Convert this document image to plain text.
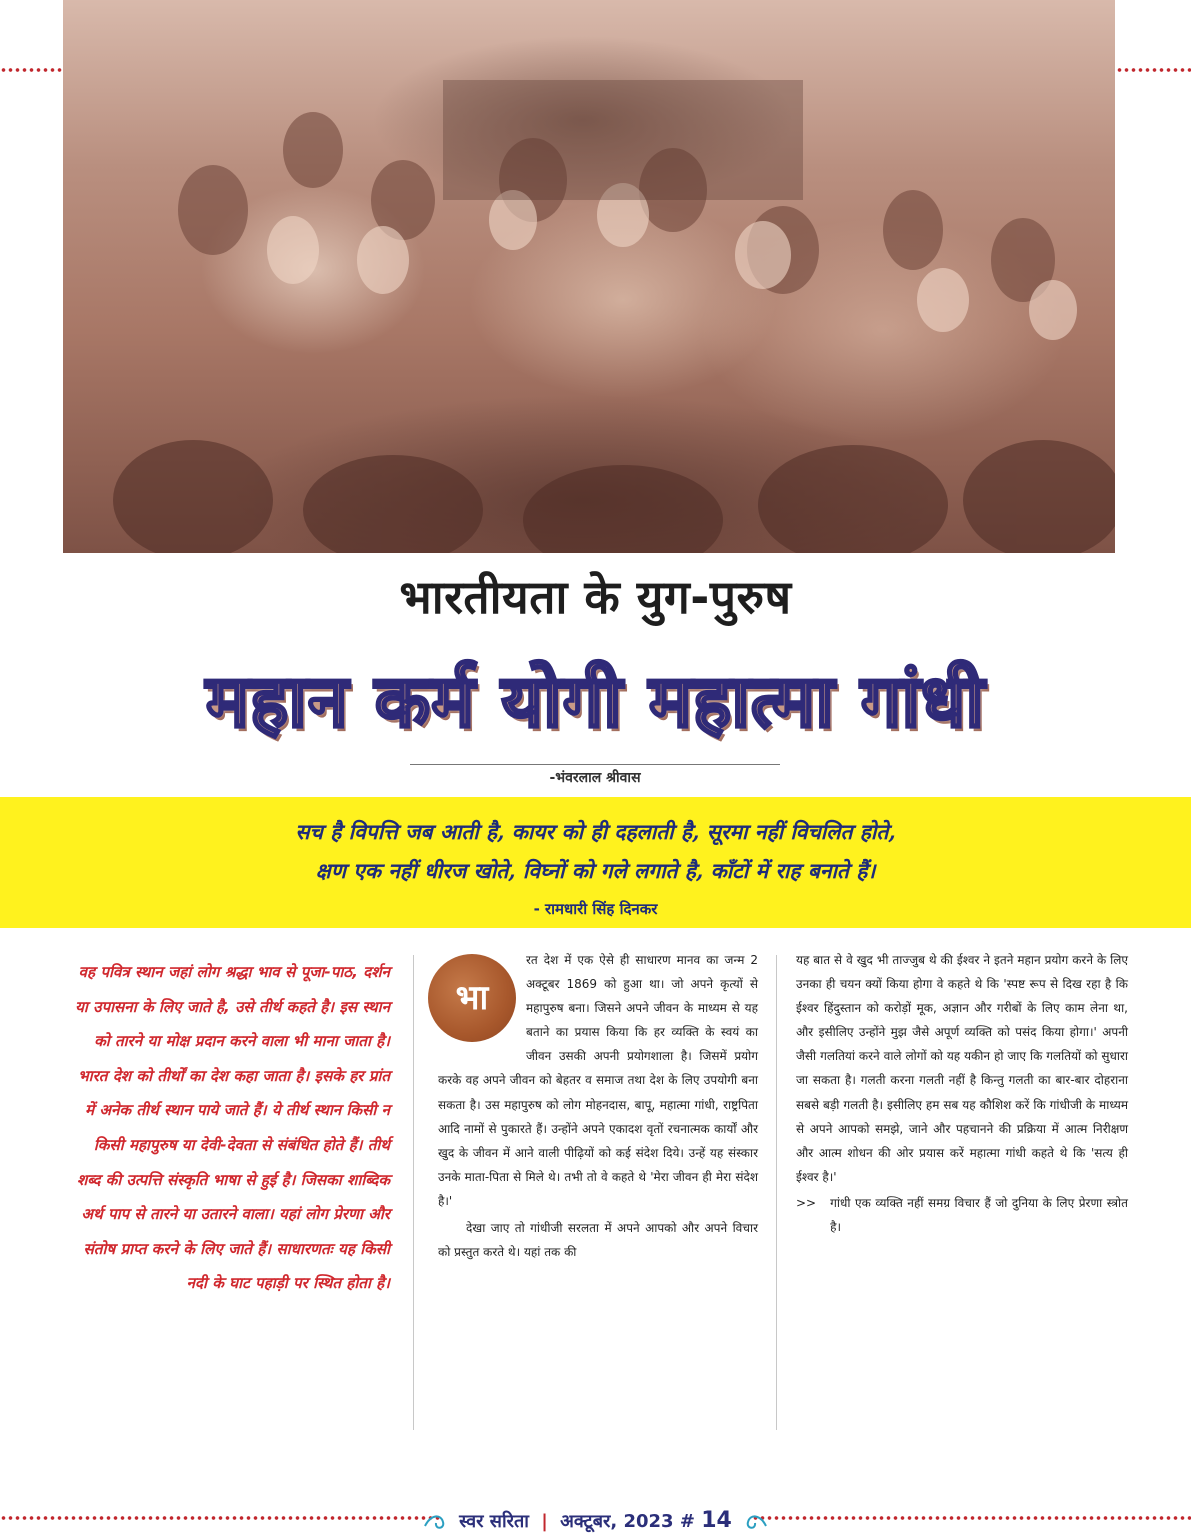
भारतीयता के युग-पुरुष
महान कर्म योगी महात्मा गांधी
-भंवरलाल श्रीवास
सच है विपत्ति जब आती है, कायर को ही दहलाती है, सूरमा नहीं विचलित होते,
क्षण एक नहीं धीरज खोते, विघ्नों को गले लगाते है, काँटों में राह बनाते हैं।
- रामधारी सिंह दिनकर
वह पवित्र स्थान जहां लोग श्रद्धा भाव से पूजा-पाठ, दर्शन या उपासना के लिए जाते है, उसे तीर्थ कहते है। इस स्थान को तारने या मोक्ष प्रदान करने वाला भी माना जाता है। भारत देश को तीर्थों का देश कहा जाता है। इसके हर प्रांत में अनेक तीर्थ स्थान पाये जाते हैं। ये तीर्थ स्थान किसी न किसी महापुरुष या देवी-देवता से संबंधित होते हैं। तीर्थ शब्द की उत्पत्ति संस्कृति भाषा से हुई है। जिसका शाब्दिक अर्थ पाप से तारने या उतारने वाला। यहां लोग प्रेरणा और संतोष प्राप्त करने के लिए जाते हैं। साधारणतः यह किसी नदी के घाट पहाड़ी पर स्थित होता है।
भा

रत देश में एक ऐसे ही साधारण मानव का जन्म 2 अक्टूबर 1869 को हुआ था। जो अपने कृत्यों से महापुरुष बना। जिसने अपने जीवन के माध्यम से यह बताने का प्रयास किया कि हर व्यक्ति के स्वयं का जीवन उसकी अपनी प्रयोगशाला है। जिसमें प्रयोग करके वह अपने जीवन को बेहतर व समाज तथा देश के लिए उपयोगी बना सकता है। उस महापुरुष को लोग मोहनदास, बापू, महात्मा गांधी, राष्ट्रपिता आदि नामों से पुकारते हैं। उन्होंने अपने एकादश वृतों रचनात्मक कार्यों और खुद के जीवन में आने वाली पीढ़ियों को कई संदेश दिये। उन्हें यह संस्कार उनके माता-पिता से मिले थे। तभी तो वे कहते थे 'मेरा जीवन ही मेरा संदेश है।'

देखा जाए तो गांधीजी सरलता में अपने आपको और अपने विचार को प्रस्तुत करते थे। यहां तक की

यह बात से वे खुद भी ताज्जुब थे की ईश्वर ने इतने महान प्रयोग करने के लिए उनका ही चयन क्यों किया होगा वे कहते थे कि 'स्पष्ट रूप से दिख रहा है कि ईश्वर हिंदुस्तान को करोड़ों मूक, अज्ञान और गरीबों के लिए काम लेना था, और इसीलिए उन्होंने मुझ जैसे अपूर्ण व्यक्ति को पसंद किया होगा।' अपनी जैसी गलतियां करने वाले लोगों को यह यकीन हो जाए कि गलतियों को सुधारा जा सकता है। गलती करना गलती नहीं है किन्तु गलती का बार-बार दोहराना सबसे बड़ी गलती है। इसीलिए हम सब यह कौशिश करें कि गांधीजी के माध्यम से अपने आपको समझे, जाने और पहचानने की प्रक्रिया में आत्म निरीक्षण और आत्म शोधन की ओर प्रयास करें महात्मा गांधी कहते थे कि 'सत्य ही ईश्वर है।'

>> गांधी एक व्यक्ति नहीं समग्र विचार हैं जो दुनिया के लिए प्रेरणा स्त्रोत है।
स्वर सरिता | अक्टूबर, 2023 # 14
